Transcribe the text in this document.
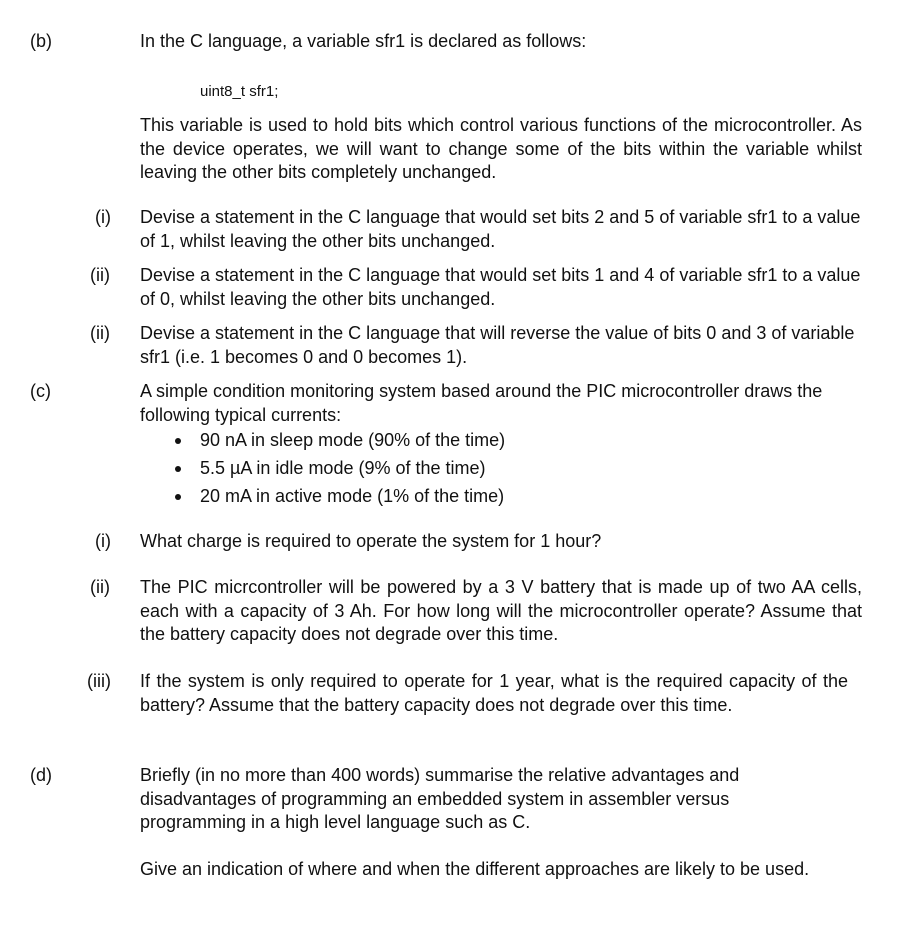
(b)	In the C language, a variable sfr1 is declared as follows:
uint8_t sfr1;
This variable is used to hold bits which control various functions of the microcontroller. As the device operates, we will want to change some of the bits within the variable whilst leaving the other bits completely unchanged.
(i) Devise a statement in the C language that would set bits 2 and 5 of variable sfr1 to a value of 1, whilst leaving the other bits unchanged.
(ii) Devise a statement in the C language that would set bits 1 and 4 of variable sfr1 to a value of 0, whilst leaving the other bits unchanged.
(ii) Devise a statement in the C language that will reverse the value of bits 0 and 3 of variable sfr1 (i.e. 1 becomes 0 and 0 becomes 1).
(c)	A simple condition monitoring system based around the PIC microcontroller draws the following typical currents:
90 nA in sleep mode (90% of the time)
5.5 µA in idle mode (9% of the time)
20 mA in active mode (1% of the time)
(i) What charge is required to operate the system for 1 hour?
(ii) The PIC micrcontroller will be powered by a 3 V battery that is made up of two AA cells, each with a capacity of 3 Ah. For how long will the microcontroller operate? Assume that the battery capacity does not degrade over this time.
(iii) If the system is only required to operate for 1 year, what is the required capacity of the battery? Assume that the battery capacity does not degrade over this time.
(d)	Briefly (in no more than 400 words) summarise the relative advantages and disadvantages of programming an embedded system in assembler versus programming in a high level language such as C.
Give an indication of where and when the different approaches are likely to be used.
